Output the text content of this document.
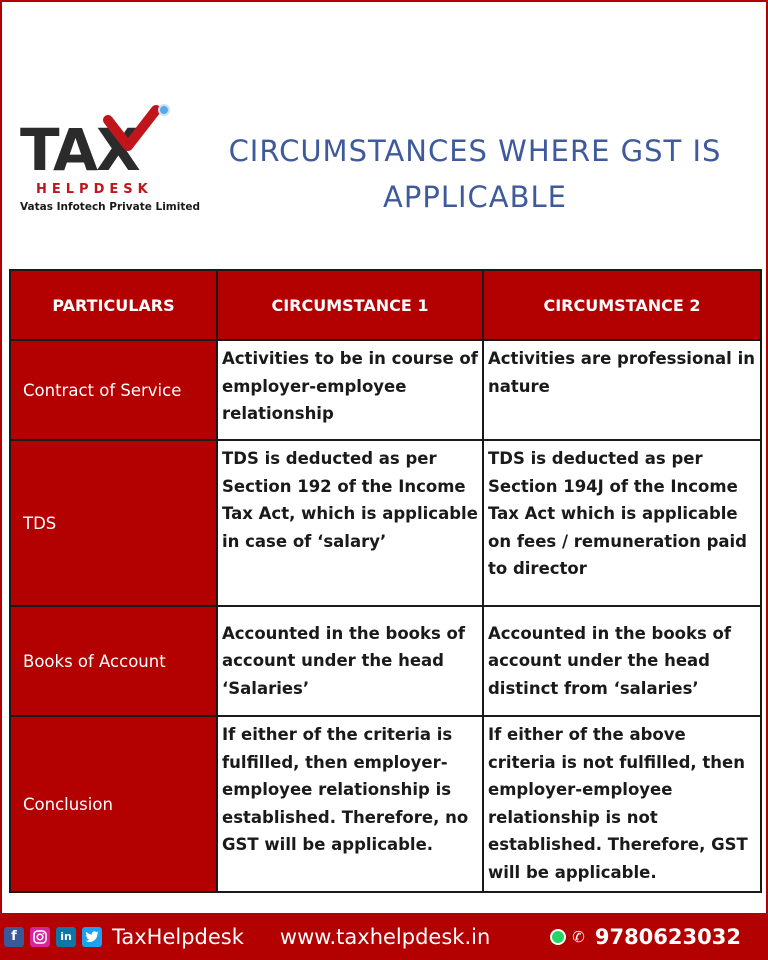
TAX
HELPDESK
Vatas Infotech Private Limited
CIRCUMSTANCES WHERE GST IS
APPLICABLE
PARTICULARS	CIRCUMSTANCE 1	CIRCUMSTANCE 2
Contract of Service	Activities to be in course of employer-employee relationship	Activities are professional in nature

TDS	TDS is deducted as per Section 192 of the Income Tax Act, which is applicable in case of ‘salary’	TDS is deducted as per Section 194J of the Income Tax Act which is applicable on fees / remuneration paid to director

Books of Account	Accounted in the books of account under the head ‘Salaries’	Accounted in the books of account under the head distinct from ‘salaries’

Conclusion	If either of the criteria is fulfilled, then employer-employee relationship is established. Therefore, no GST will be applicable.	If either of the above criteria is not fulfilled, then employer-employee relationship is not established. Therefore, GST will be applicable.
f	in TaxHelpdesk www.taxhelpdesk.in	✆ 9780623032
